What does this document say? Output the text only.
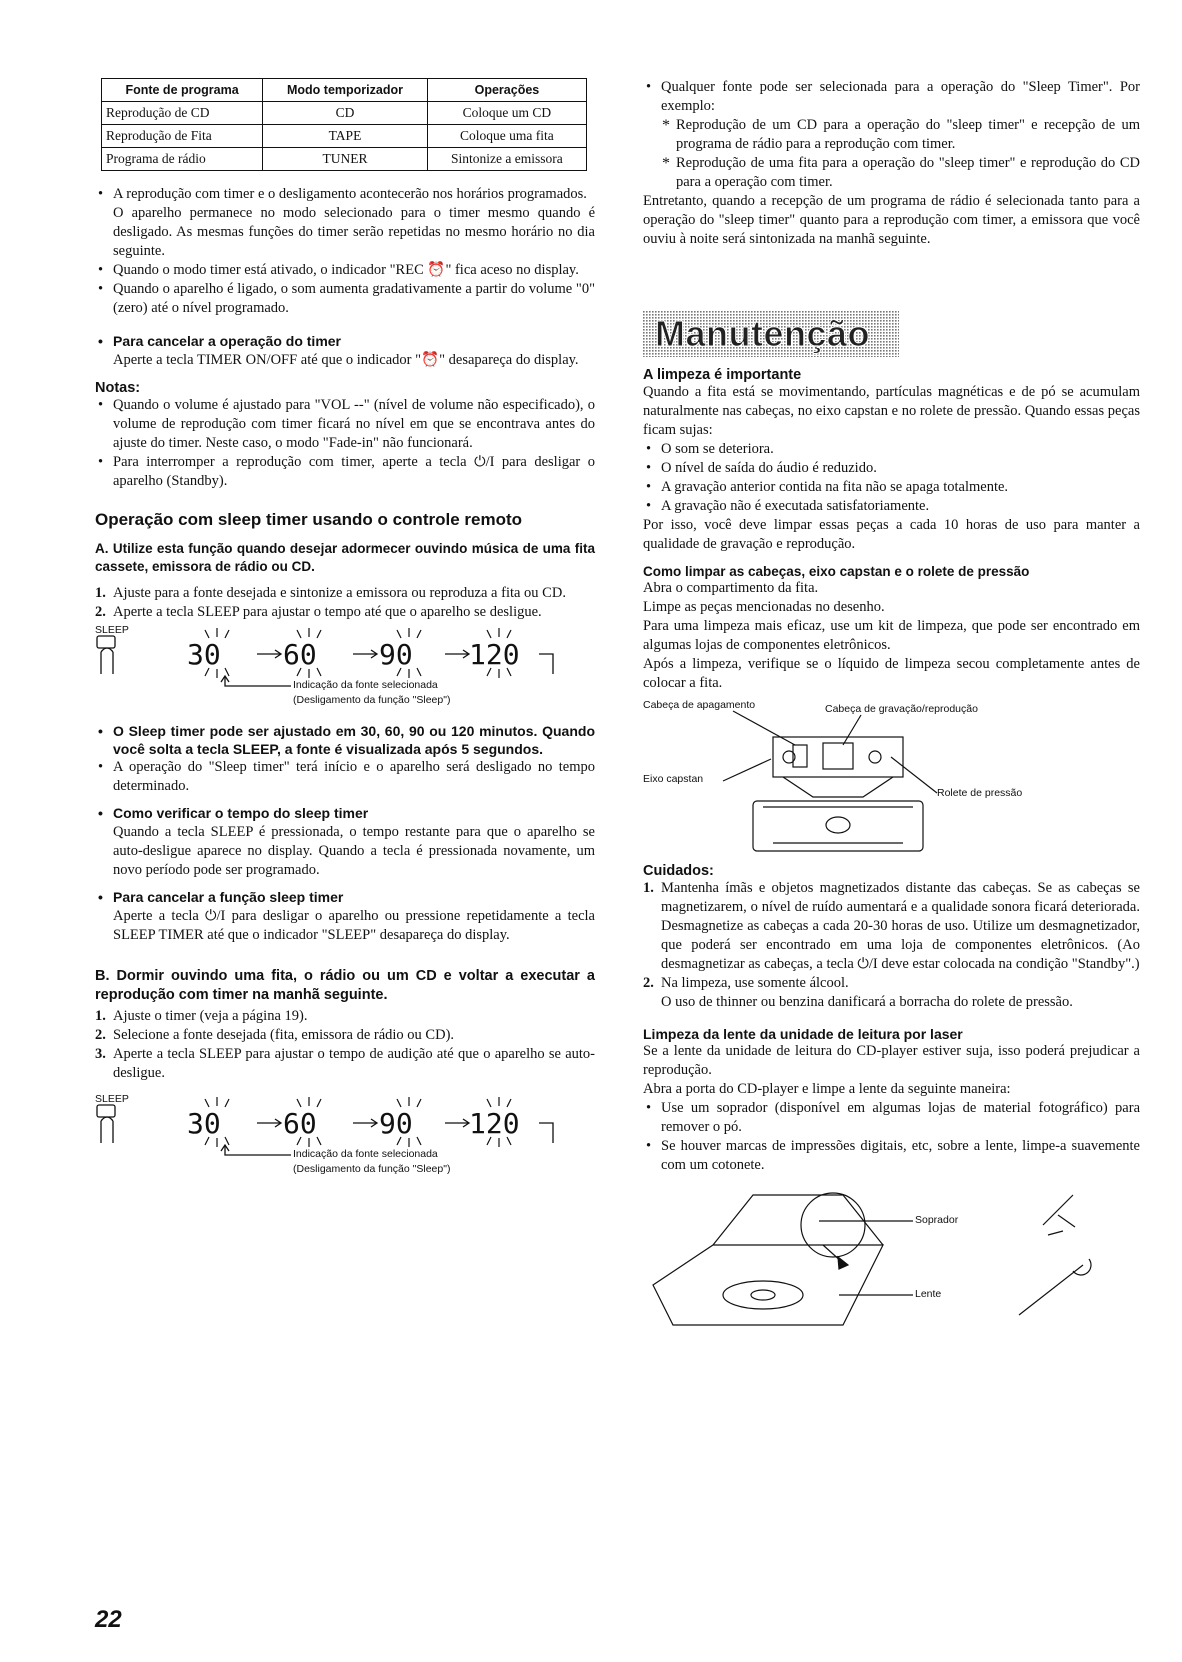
Fonte de programa	Modo temporizador	Operações
Reprodução de CD	CD	Coloque um CD
Reprodução de Fita	TAPE	Coloque uma fita
Programa de rádio	TUNER	Sintonize a emissora

• A reprodução com timer e o desligamento acontecerão nos horários programados.

O aparelho permanece no modo selecionado para o timer mesmo quando é desligado. As mesmas funções do timer serão repetidas no mesmo horário no dia seguinte.

• Quando o modo timer está ativado, o indicador "REC ⏰" fica aceso no display.

• Quando o aparelho é ligado, o som aumenta gradativamente a partir do volume "0" (zero) até o nível programado.

• Para cancelar a operação do timer

Aperte a tecla TIMER ON/OFF até que o indicador "⏰" desapareça do display.

Notas:

• Quando o volume é ajustado para "VOL --" (nível de volume não especificado), o volume de reprodução com timer ficará no nível em que se encontrava antes do ajuste do timer. Neste caso, o modo "Fade-in" não funcionará.

• Para interromper a reprodução com timer, aperte a tecla ⏻/I para desligar o aparelho (Standby).

Operação com sleep timer usando o controle remoto

A. Utilize esta função quando desejar adormecer ouvindo música de uma fita cassete, emissora de rádio ou CD.

1. Ajuste para a fonte desejada e sintonize a emissora ou reproduza a fita ou CD.

2. Aperte a tecla SLEEP para ajustar o tempo até que o aparelho se desligue.

SLEEP
30 60 90 120
Indicação da fonte selecionada
(Desligamento da função "Sleep")

• O Sleep timer pode ser ajustado em 30, 60, 90 ou 120 minutos. Quando você solta a tecla SLEEP, a fonte é visualizada após 5 segundos.

• A operação do "Sleep timer" terá início e o aparelho será desligado no tempo determinado.

• Como verificar o tempo do sleep timer

Quando a tecla SLEEP é pressionada, o tempo restante para que o aparelho se auto-desligue aparece no display. Quando a tecla é pressionada novamente, um novo período pode ser programado.

• Para cancelar a função sleep timer

Aperte a tecla ⏻/I para desligar o aparelho ou pressione repetidamente a tecla SLEEP TIMER até que o indicador "SLEEP" desapareça do display.

B. Dormir ouvindo uma fita, o rádio ou um CD e voltar a executar a reprodução com timer na manhã seguinte.

1. Ajuste o timer (veja a página 19).

2. Selecione a fonte desejada (fita, emissora de rádio ou CD).

3. Aperte a tecla SLEEP para ajustar o tempo de audição até que o aparelho se auto-desligue.

SLEEP
30 60 90 120
Indicação da fonte selecionada
(Desligamento da função "Sleep")

• Qualquer fonte pode ser selecionada para a operação do "Sleep Timer". Por exemplo:

* Reprodução de um CD para a operação do "sleep timer" e recepção de um programa de rádio para a reprodução com timer.

* Reprodução de uma fita para a operação do "sleep timer" e reprodução do CD para a operação com timer.

Entretanto, quando a recepção de um programa de rádio é selecionada tanto para a operação do "sleep timer" quanto para a reprodução com timer, a emissora que você ouviu à noite será sintonizada na manhã seguinte.

Manutenção

A limpeza é importante

Quando a fita está se movimentando, partículas magnéticas e de pó se acumulam naturalmente nas cabeças, no eixo capstan e no rolete de pressão. Quando essas peças ficam sujas:

• O som se deteriora.

• O nível de saída do áudio é reduzido.

• A gravação anterior contida na fita não se apaga totalmente.

• A gravação não é executada satisfatoriamente.

Por isso, você deve limpar essas peças a cada 10 horas de uso para manter a qualidade de gravação e reprodução.

Como limpar as cabeças, eixo capstan e o rolete de pressão

Abra o compartimento da fita.

Limpe as peças mencionadas no desenho.

Para uma limpeza mais eficaz, use um kit de limpeza, que pode ser encontrado em algumas lojas de componentes eletrônicos.

Após a limpeza, verifique se o líquido de limpeza secou completamente antes de colocar a fita.

Cabeça de apagamento	Cabeça de gravação/reprodução
Eixo capstan
Rolete de pressão

Cuidados:

1. Mantenha ímãs e objetos magnetizados distante das cabeças. Se as cabeças se magnetizarem, o nível de ruído aumentará e a qualidade sonora ficará deteriorada. Desmagnetize as cabeças a cada 20-30 horas de uso. Utilize um desmagnetizador, que poderá ser encontrado em uma loja de componentes eletrônicos. (Ao desmagnetizar as cabeças, a tecla ⏻/I deve estar colocada na condição "Standby".)

2. Na limpeza, use somente álcool.

O uso de thinner ou benzina danificará a borracha do rolete de pressão.

Limpeza da lente da unidade de leitura por laser

Se a lente da unidade de leitura do CD-player estiver suja, isso poderá prejudicar a reprodução.

Abra a porta do CD-player e limpe a lente da seguinte maneira:

• Use um soprador (disponível em algumas lojas de material fotográfico) para remover o pó.

• Se houver marcas de impressões digitais, etc, sobre a lente, limpe-a suavemente com um cotonete.

Soprador
Lente
22
